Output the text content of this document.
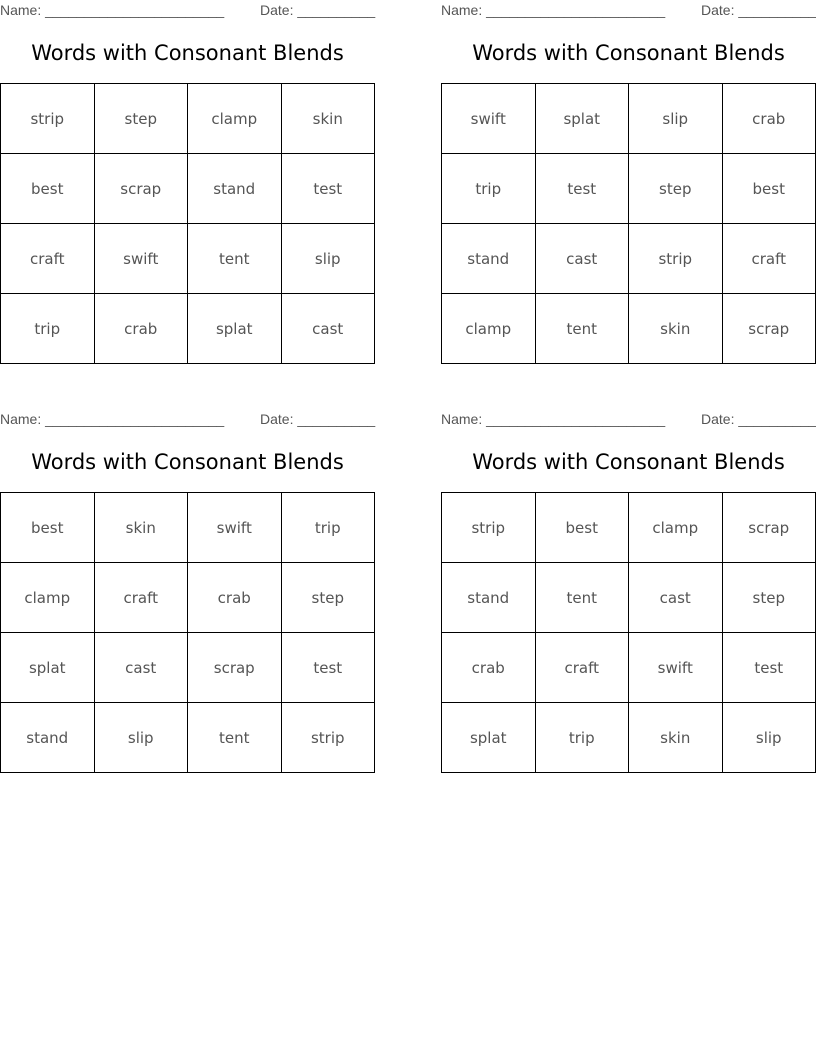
Name: _______________________	Date: __________
Words with Consonant Blends
strip	step	clamp	skin
best	scrap	stand	test
craft	swift	tent	slip
trip	crab	splat	cast
Name: _______________________	Date: __________
Words with Consonant Blends
swift	splat	slip	crab
trip	test	step	best
stand	cast	strip	craft
clamp	tent	skin	scrap
Name: _______________________	Date: __________
Words with Consonant Blends
best	skin	swift	trip
clamp	craft	crab	step
splat	cast	scrap	test
stand	slip	tent	strip
Name: _______________________	Date: __________
Words with Consonant Blends
strip	best	clamp	scrap
stand	tent	cast	step
crab	craft	swift	test
splat	trip	skin	slip
